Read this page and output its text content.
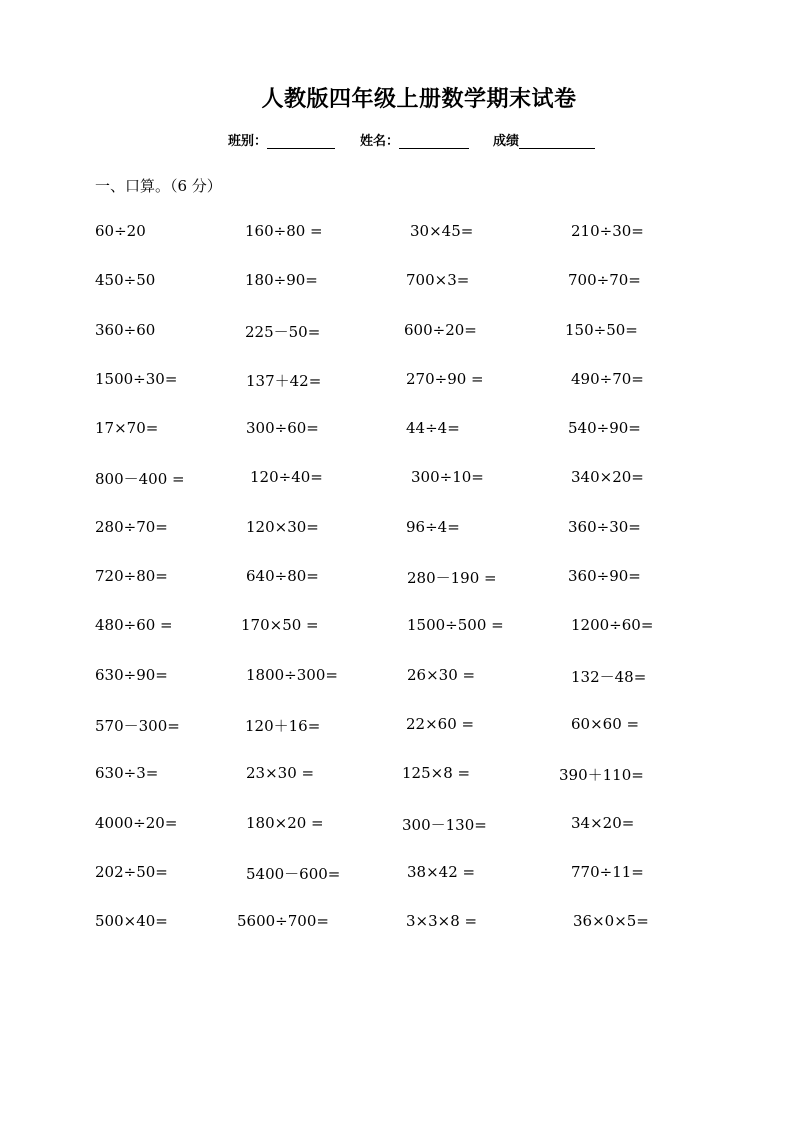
人教版四年级上册数学期末试卷
班别：	姓名：	成绩
一、口算。（6 分）
60÷20	160÷80 =	30×45=	210÷30=
450÷50	180÷90=	700×3=	700÷70=
360÷60	225－50=	600÷20=	150÷50=
1500÷30=	137＋42=	270÷90 =	490÷70=
17×70=	300÷60=	44÷4=	540÷90=
800－400 =	120÷40=	300÷10=	340×20=
280÷70=	120×30=	96÷4=	360÷30=
720÷80=	640÷80=	280－190 =	360÷90=
480÷60 =	170×50 =	1500÷500 =	1200÷60=
630÷90=	1800÷300=	26×30 =	132－48=
570－300=	120＋16=	22×60 =	60×60 =
630÷3=	23×30 =	125×8 =	390＋110=
4000÷20=	180×20 =	300－130=	34×20=
202÷50=	5400－600=	38×42 =	770÷11=
500×40=	5600÷700=	3×3×8 =	36×0×5=
